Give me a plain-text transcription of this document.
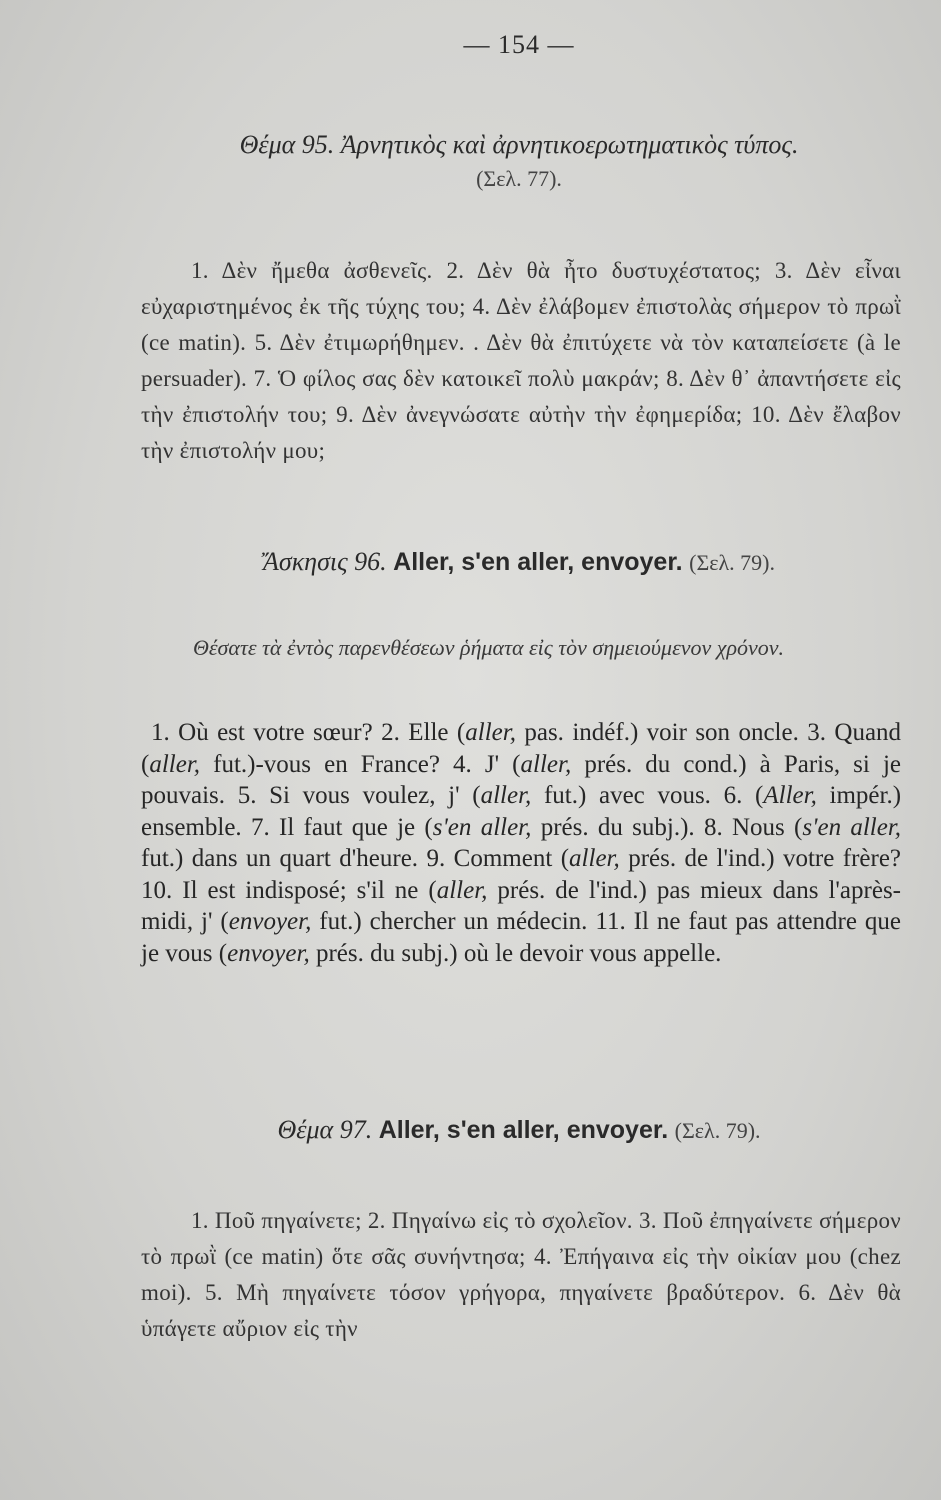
— 154 —
Θέμα 95. Ἀρνητικὸς καὶ ἀρνητικοερωτηματικὸς τύπος.
(Σελ. 77).
1. Δὲν ἤμεθα ἀσθενεῖς. 2. Δὲν θὰ ἦτο δυστυχέστατος; 3. Δὲν εἶναι εὐχαριστημένος ἐκ τῆς τύχης του; 4. Δὲν ἐλάβομεν ἐπιστολὰς σήμερον τὸ πρωῒ (ce matin). 5. Δὲν ἐτιμωρήθημεν. . Δὲν θὰ ἐπιτύχετε νὰ τὸν καταπείσετε (à le persuader). 7. Ὁ φίλος σας δὲν κατοικεῖ πολὺ μακράν; 8. Δὲν θ᾽ ἀπαντήσετε εἰς τὴν ἐπιστολήν του; 9. Δὲν ἀνεγνώσατε αὐτὴν τὴν ἐφημερίδα; 10. Δὲν ἔλαβον τὴν ἐπιστολήν μου;
Ἄσκησις 96. Aller, s'en aller, envoyer. (Σελ. 79).
Θέσατε τὰ ἐντὸς παρενθέσεων ῥήματα εἰς τὸν σημειούμενον χρόνον.
1. Où est votre sœur? 2. Elle (aller, pas. indéf.) voir son oncle. 3. Quand (aller, fut.)-vous en France? 4. J' (aller, prés. du cond.) à Paris, si je pouvais. 5. Si vous voulez, j' (aller, fut.) avec vous. 6. (Aller, impér.) ensemble. 7. Il faut que je (s'en aller, prés. du subj.). 8. Nous (s'en aller, fut.) dans un quart d'heure. 9. Comment (aller, prés. de l'ind.) votre frère? 10. Il est indisposé; s'il ne (aller, prés. de l'ind.) pas mieux dans l'après-midi, j' (envoyer, fut.) chercher un médecin. 11. Il ne faut pas attendre que je vous (envoyer, prés. du subj.) où le devoir vous appelle.
Θέμα 97. Aller, s'en aller, envoyer. (Σελ. 79).
1. Ποῦ πηγαίνετε; 2. Πηγαίνω εἰς τὸ σχολεῖον. 3. Ποῦ ἐπηγαίνετε σήμερον τὸ πρωῒ (ce matin) ὅτε σᾶς συνήντησα; 4. Ἐπήγαινα εἰς τὴν οἰκίαν μου (chez moi). 5. Μὴ πηγαίνετε τόσον γρήγορα, πηγαίνετε βραδύτερον. 6. Δὲν θὰ ὑπάγετε αὔριον εἰς τὴν
